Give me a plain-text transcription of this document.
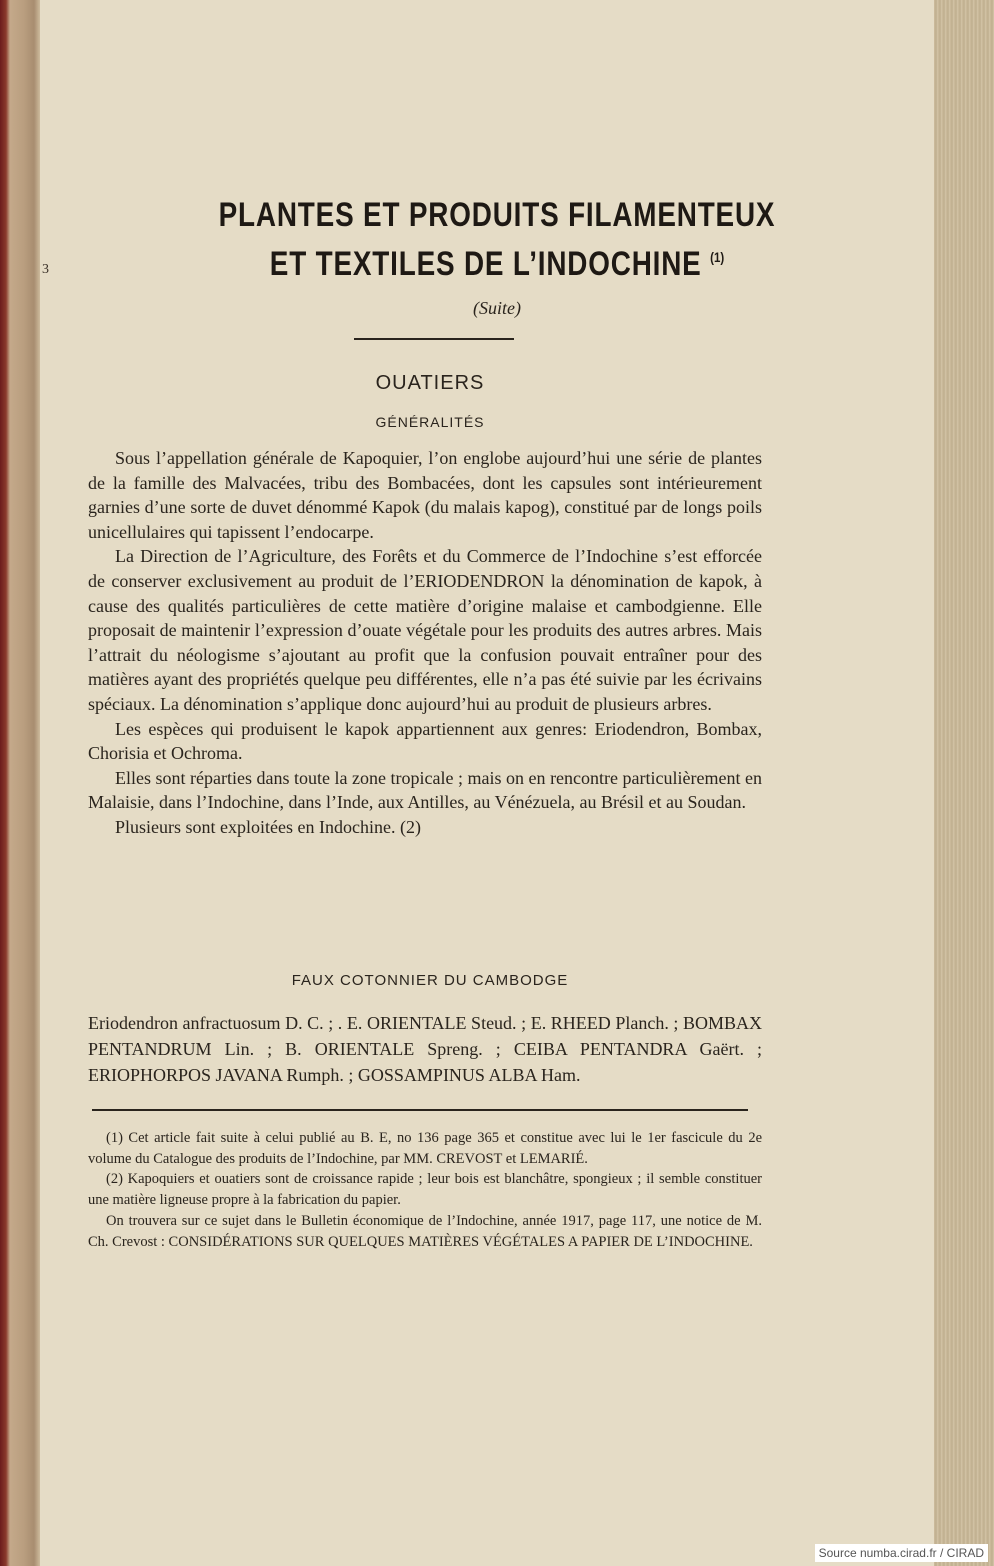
3
PLANTES ET PRODUITS FILAMENTEUX
ET TEXTILES DE L’INDOCHINE $^{(1)}$
(Suite)
OUATIERS
GÉNÉRALITÉS

Sous l’appellation générale de Kapoquier, l’on englobe aujourd’hui une série de plantes de la famille des Malvacées, tribu des Bombacées, dont les capsules sont intérieurement garnies d’une sorte de duvet dénommé Kapok (du malais kapog), constitué par de longs poils unicellulaires qui tapissent l’endocarpe.

La Direction de l’Agriculture, des Forêts et du Commerce de l’Indochine s’est efforcée de conserver exclusivement au produit de l’ERIODENDRON la dénomination de kapok, à cause des qualités particulières de cette matière d’origine malaise et cambodgienne. Elle proposait de maintenir l’expression d’ouate végétale pour les produits des autres arbres. Mais l’attrait du néologisme s’ajoutant au profit que la confusion pouvait entraîner pour des matières ayant des propriétés quelque peu différentes, elle n’a pas été suivie par les écrivains spéciaux. La dénomination s’applique donc aujourd’hui au produit de plusieurs arbres.

Les espèces qui produisent le kapok appartiennent aux genres: Eriodendron, Bombax, Chorisia et Ochroma.

Elles sont réparties dans toute la zone tropicale ; mais on en rencontre particulièrement en Malaisie, dans l’Indochine, dans l’Inde, aux Antilles, au Vénézuela, au Brésil et au Soudan.

Plusieurs sont exploitées en Indochine. (2)

FAUX COTONNIER DU CAMBODGE

Eriodendron anfractuosum D. C. ; . E. ORIENTALE Steud. ; E. RHEED Planch. ; BOMBAX PENTANDRUM Lin. ; B. ORIENTALE Spreng. ; CEIBA PENTANDRA Gaërt. ; ERIOPHORPOS JAVANA Rumph. ; GOSSAMPINUS ALBA Ham.

(1) Cet article fait suite à celui publié au B. E, no 136 page 365 et constitue avec lui le 1er fascicule du 2e volume du Catalogue des produits de l’Indochine, par MM. CREVOST et LEMARIÉ.

(2) Kapoquiers et ouatiers sont de croissance rapide ; leur bois est blanchâtre, spongieux ; il semble constituer une matière ligneuse propre à la fabrication du papier.

On trouvera sur ce sujet dans le Bulletin économique de l’Indochine, année 1917, page 117, une notice de M. Ch. Crevost : CONSIDÉRATIONS SUR QUELQUES MATIÈRES VÉGÉTALES A PAPIER DE L’INDOCHINE.

Source numba.cirad.fr / CIRAD
